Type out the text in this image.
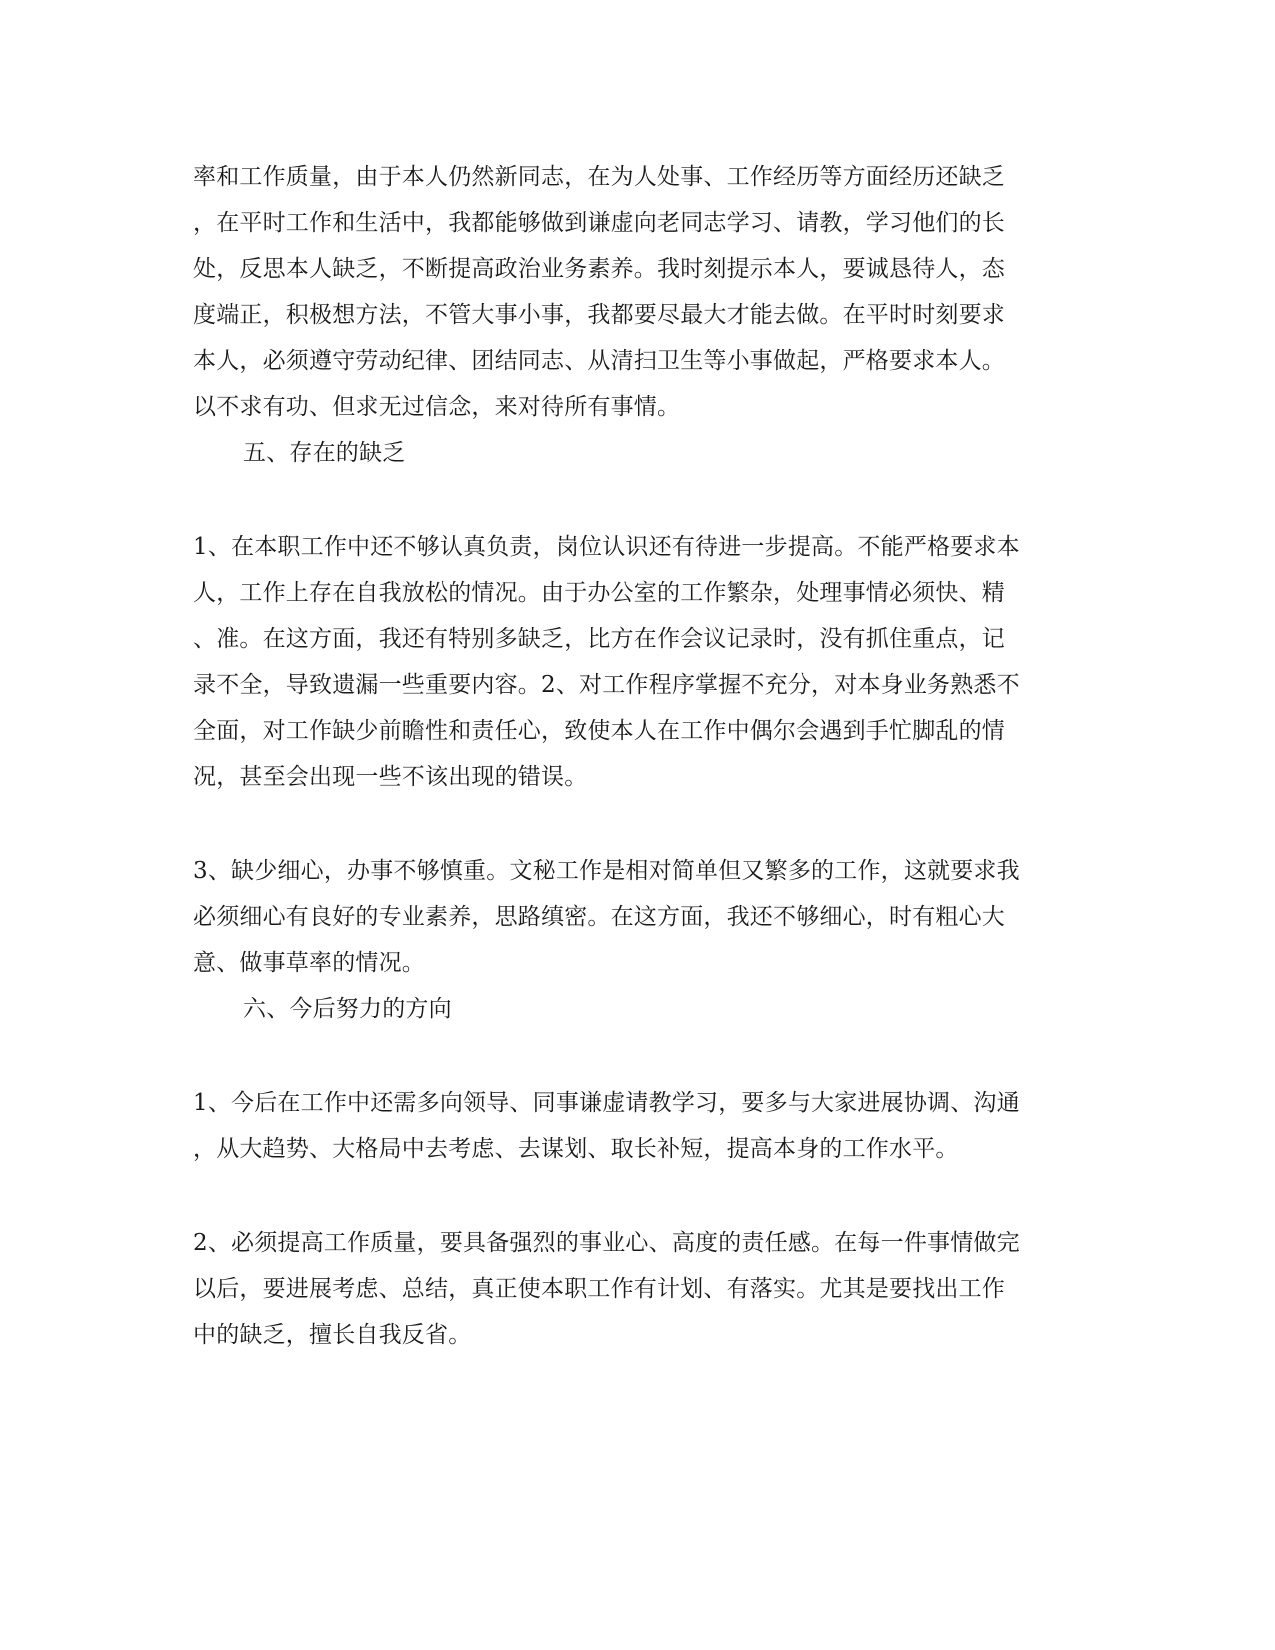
率和工作质量，由于本人仍然新同志，在为人处事、工作经历等方面经历还缺乏
，在平时工作和生活中，我都能够做到谦虚向老同志学习、请教，学习他们的长
处，反思本人缺乏，不断提高政治业务素养。我时刻提示本人，要诚恳待人，态
度端正，积极想方法，不管大事小事，我都要尽最大才能去做。在平时时刻要求
本人，必须遵守劳动纪律、团结同志、从清扫卫生等小事做起，严格要求本人。
以不求有功、但求无过信念，来对待所有事情。
五、存在的缺乏
1、在本职工作中还不够认真负责，岗位认识还有待进一步提高。不能严格要求本
人，工作上存在自我放松的情况。由于办公室的工作繁杂，处理事情必须快、精
、准。在这方面，我还有特别多缺乏，比方在作会议记录时，没有抓住重点，记
录不全，导致遗漏一些重要内容。2、对工作程序掌握不充分，对本身业务熟悉不
全面，对工作缺少前瞻性和责任心，致使本人在工作中偶尔会遇到手忙脚乱的情
况，甚至会出现一些不该出现的错误。
3、缺少细心，办事不够慎重。文秘工作是相对简单但又繁多的工作，这就要求我
必须细心有良好的专业素养，思路缜密。在这方面，我还不够细心，时有粗心大
意、做事草率的情况。
六、今后努力的方向
1、今后在工作中还需多向领导、同事谦虚请教学习，要多与大家进展协调、沟通
，从大趋势、大格局中去考虑、去谋划、取长补短，提高本身的工作水平。
2、必须提高工作质量，要具备强烈的事业心、高度的责任感。在每一件事情做完
以后，要进展考虑、总结，真正使本职工作有计划、有落实。尤其是要找出工作
中的缺乏，擅长自我反省。
